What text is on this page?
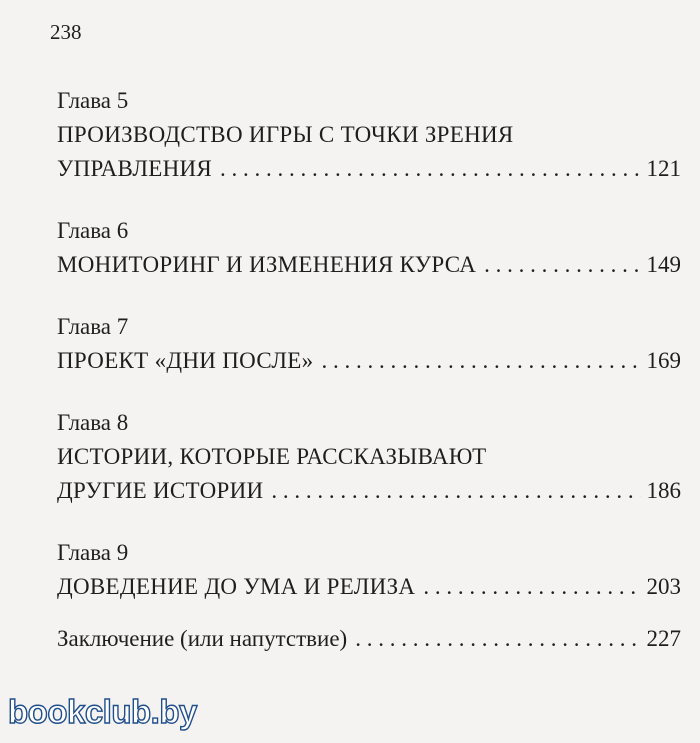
238
Глава 5
ПРОИЗВОДСТВО ИГРЫ С ТОЧКИ ЗРЕНИЯ
УПРАВЛЕНИЯ . . .	121
Глава 6
МОНИТОРИНГ И ИЗМЕНЕНИЯ КУРСА . . .	149
Глава 7
ПРОЕКТ «ДНИ ПОСЛЕ» . . .	169
Глава 8
ИСТОРИИ, КОТОРЫЕ РАССКАЗЫВАЮТ
ДРУГИЕ ИСТОРИИ . . .	186
Глава 9
ДОВЕДЕНИЕ ДО УМА И РЕЛИЗА . . .	203
Заключение (или напутствие) . . .	227
bookclub.by
